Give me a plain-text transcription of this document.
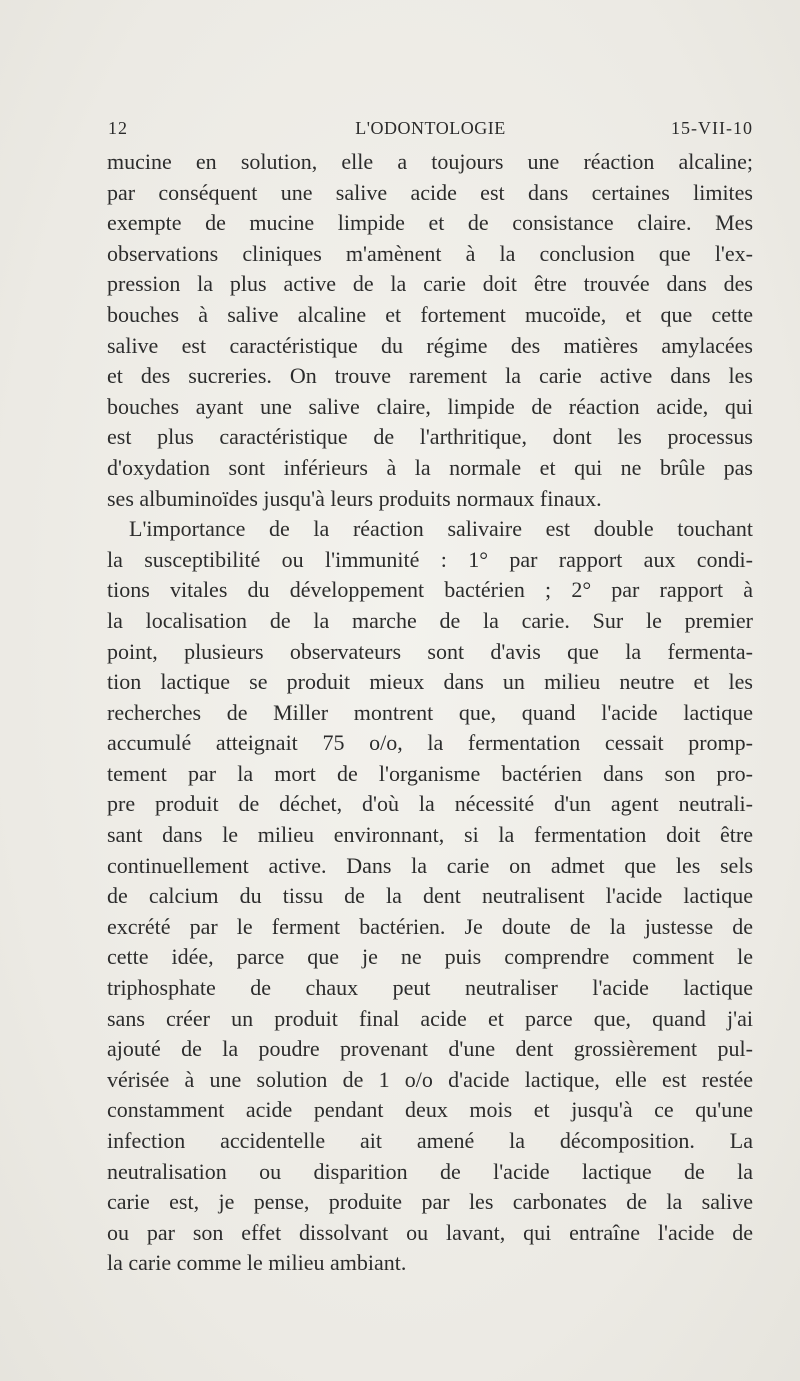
12	L'ODONTOLOGIE	15-VII-10
mucine en solution, elle a toujours une réaction alcaline;
par conséquent une salive acide est dans certaines limites
exempte de mucine limpide et de consistance claire. Mes
observations cliniques m'amènent à la conclusion que l'ex-
pression la plus active de la carie doit être trouvée dans des
bouches à salive alcaline et fortement mucoïde, et que cette
salive est caractéristique du régime des matières amylacées
et des sucreries. On trouve rarement la carie active dans les
bouches ayant une salive claire, limpide de réaction acide, qui
est plus caractéristique de l'arthritique, dont les processus
d'oxydation sont inférieurs à la normale et qui ne brûle pas
ses albuminoïdes jusqu'à leurs produits normaux finaux.
L'importance de la réaction salivaire est double touchant
la susceptibilité ou l'immunité : 1° par rapport aux condi-
tions vitales du développement bactérien ; 2° par rapport à
la localisation de la marche de la carie. Sur le premier
point, plusieurs observateurs sont d'avis que la fermenta-
tion lactique se produit mieux dans un milieu neutre et les
recherches de Miller montrent que, quand l'acide lactique
accumulé atteignait 75 o/o, la fermentation cessait promp-
tement par la mort de l'organisme bactérien dans son pro-
pre produit de déchet, d'où la nécessité d'un agent neutrali-
sant dans le milieu environnant, si la fermentation doit être
continuellement active. Dans la carie on admet que les sels
de calcium du tissu de la dent neutralisent l'acide lactique
excrété par le ferment bactérien. Je doute de la justesse de
cette idée, parce que je ne puis comprendre comment le
triphosphate de chaux peut neutraliser l'acide lactique
sans créer un produit final acide et parce que, quand j'ai
ajouté de la poudre provenant d'une dent grossièrement pul-
vérisée à une solution de 1 o/o d'acide lactique, elle est restée
constamment acide pendant deux mois et jusqu'à ce qu'une
infection accidentelle ait amené la décomposition. La
neutralisation ou disparition de l'acide lactique de la
carie est, je pense, produite par les carbonates de la salive
ou par son effet dissolvant ou lavant, qui entraîne l'acide de
la carie comme le milieu ambiant.
